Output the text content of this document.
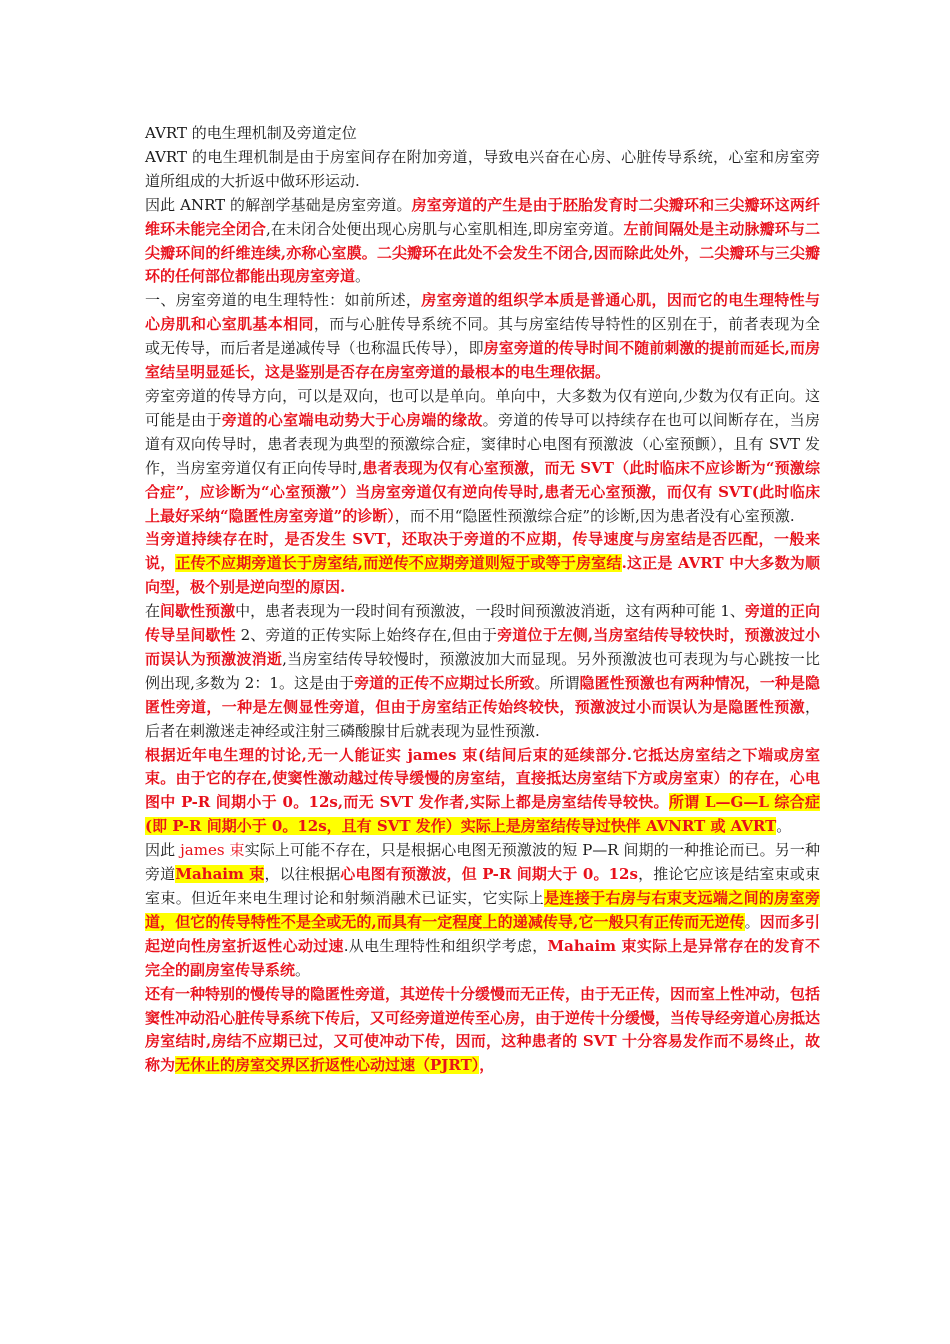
AVRT 的电生理机制及旁道定位

AVRT 的电生理机制是由于房室间存在附加旁道，导致电兴奋在心房、心脏传导系统，心室和房室旁道所组成的大折返中做环形运动.

因此 ANRT 的解剖学基础是房室旁道。房室旁道的产生是由于胚胎发育时二尖瓣环和三尖瓣环这两纤维环未能完全闭合,在未闭合处便出现心房肌与心室肌相连,即房室旁道。左前间隔处是主动脉瓣环与二尖瓣环间的纤维连续,亦称心室膜。二尖瓣环在此处不会发生不闭合,因而除此处外，二尖瓣环与三尖瓣环的任何部位都能出现房室旁道。

一、房室旁道的电生理特性：如前所述，房室旁道的组织学本质是普通心肌，因而它的电生理特性与心房肌和心室肌基本相同，而与心脏传导系统不同。其与房室结传导特性的区别在于，前者表现为全或无传导，而后者是递减传导（也称温氏传导），即房室旁道的传导时间不随前刺激的提前而延长,而房室结呈明显延长，这是鉴别是否存在房室旁道的最根本的电生理依据。

旁室旁道的传导方向，可以是双向，也可以是单向。单向中，大多数为仅有逆向,少数为仅有正向。这可能是由于旁道的心室端电动势大于心房端的缘故。旁道的传导可以持续存在也可以间断存在，当房道有双向传导时，患者表现为典型的预激综合症，窦律时心电图有预激波（心室预颤），且有 SVT 发作，当房室旁道仅有正向传导时,患者表现为仅有心室预激，而无 SVT（此时临床不应诊断为“预激综合症”，应诊断为“心室预激”）当房室旁道仅有逆向传导时,患者无心室预激，而仅有 SVT(此时临床上最好采纳“隐匿性房室旁道”的诊断），而不用“隐匿性预激综合症”的诊断,因为患者没有心室预激.

当旁道持续存在时，是否发生 SVT，还取决于旁道的不应期，传导速度与房室结是否匹配，一般来说，正传不应期旁道长于房室结,而逆传不应期旁道则短于或等于房室结.这正是 AVRT 中大多数为顺向型，极个别是逆向型的原因.

在间歇性预激中，患者表现为一段时间有预激波，一段时间预激波消逝，这有两种可能 1、旁道的正向传导呈间歇性 2、旁道的正传实际上始终存在,但由于旁道位于左侧,当房室结传导较快时，预激波过小而误认为预激波消逝,当房室结传导较慢时，预激波加大而显现。另外预激波也可表现为与心跳按一比例出现,多数为 2：1。这是由于旁道的正传不应期过长所致。所谓隐匿性预激也有两种情况，一种是隐匿性旁道，一种是左侧显性旁道，但由于房室结正传始终较快，预激波过小而误认为是隐匿性预激，后者在刺激迷走神经或注射三磷酸腺甘后就表现为显性预激.

根据近年电生理的讨论,无一人能证实 james 束(结间后束的延续部分.它抵达房室结之下端或房室束。由于它的存在,使窦性激动越过传导缓慢的房室结，直接抵达房室结下方或房室束）的存在，心电图中 P-R 间期小于 0。12s,而无 SVT 发作者,实际上都是房室结传导较快。所谓 L—G—L 综合症(即 P-R 间期小于 0。12s，且有 SVT 发作）实际上是房室结传导过快伴 AVNRT 或 AVRT。

因此 james 束实际上可能不存在，只是根据心电图无预激波的短 P—R 间期的一种推论而已。另一种旁道Mahaim 束，以往根据心电图有预激波，但 P-R 间期大于 0。12s，推论它应该是结室束或束室束。但近年来电生理讨论和射频消融术已证实，它实际上是连接于右房与右束支远端之间的房室旁道，但它的传导特性不是全或无的,而具有一定程度上的递减传导,它一般只有正传而无逆传。因而多引起逆向性房室折返性心动过速.从电生理特性和组织学考虑，Mahaim 束实际上是异常存在的发育不完全的副房室传导系统。

还有一种特别的慢传导的隐匿性旁道，其逆传十分缓慢而无正传，由于无正传，因而室上性冲动，包括窦性冲动沿心脏传导系统下传后，又可经旁道逆传至心房，由于逆传十分缓慢，当传导经旁道心房抵达房室结时,房结不应期已过，又可使冲动下传，因而，这种患者的 SVT 十分容易发作而不易终止，故称为无休止的房室交界区折返性心动过速（PJRT），
